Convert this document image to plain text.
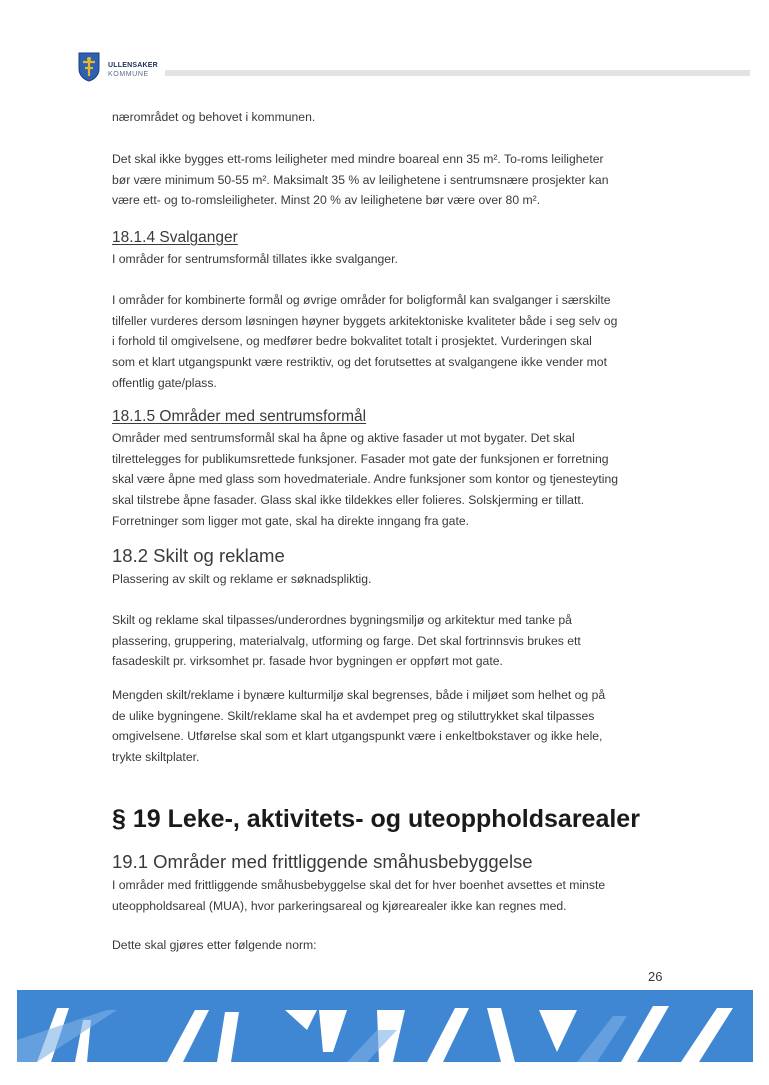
ULLENSAKER
KOMMUNE

nærområdet og behovet i kommunen.

Det skal ikke bygges ett-roms leiligheter med mindre boareal enn 35 m². To-roms leiligheter
bør være minimum 50-55 m². Maksimalt 35 % av leilighetene i sentrumsnære prosjekter kan
være ett- og to-romsleiligheter. Minst 20 % av leilighetene bør være over 80 m².

18.1.4 Svalganger

I områder for sentrumsformål tillates ikke svalganger.

I områder for kombinerte formål og øvrige områder for boligformål kan svalganger i særskilte
tilfeller vurderes dersom løsningen høyner byggets arkitektoniske kvaliteter både i seg selv og
i forhold til omgivelsene, og medfører bedre bokvalitet totalt i prosjektet. Vurderingen skal
som et klart utgangspunkt være restriktiv, og det forutsettes at svalgangene ikke vender mot
offentlig gate/plass.

18.1.5 Områder med sentrumsformål

Områder med sentrumsformål skal ha åpne og aktive fasader ut mot bygater. Det skal
tilrettelegges for publikumsrettede funksjoner. Fasader mot gate der funksjonen er forretning
skal være åpne med glass som hovedmateriale. Andre funksjoner som kontor og tjenesteyting
skal tilstrebe åpne fasader. Glass skal ikke tildekkes eller folieres. Solskjerming er tillatt.
Forretninger som ligger mot gate, skal ha direkte inngang fra gate.

18.2 Skilt og reklame

Plassering av skilt og reklame er søknadspliktig.

Skilt og reklame skal tilpasses/underordnes bygningsmiljø og arkitektur med tanke på
plassering, gruppering, materialvalg, utforming og farge. Det skal fortrinnsvis brukes ett
fasadeskilt pr. virksomhet pr. fasade hvor bygningen er oppført mot gate.

Mengden skilt/reklame i bynære kulturmiljø skal begrenses, både i miljøet som helhet og på
de ulike bygningene. Skilt/reklame skal ha et avdempet preg og stiluttrykket skal tilpasses
omgivelsene. Utførelse skal som et klart utgangspunkt være i enkeltbokstaver og ikke hele,
trykte skiltplater.

§ 19 Leke-, aktivitets- og uteoppholdsarealer
19.1 Områder med frittliggende småhusbebyggelse

I områder med frittliggende småhusbebyggelse skal det for hver boenhet avsettes et minste
uteoppholdsareal (MUA), hvor parkeringsareal og kjørearealer ikke kan regnes med.

Dette skal gjøres etter følgende norm:

26
